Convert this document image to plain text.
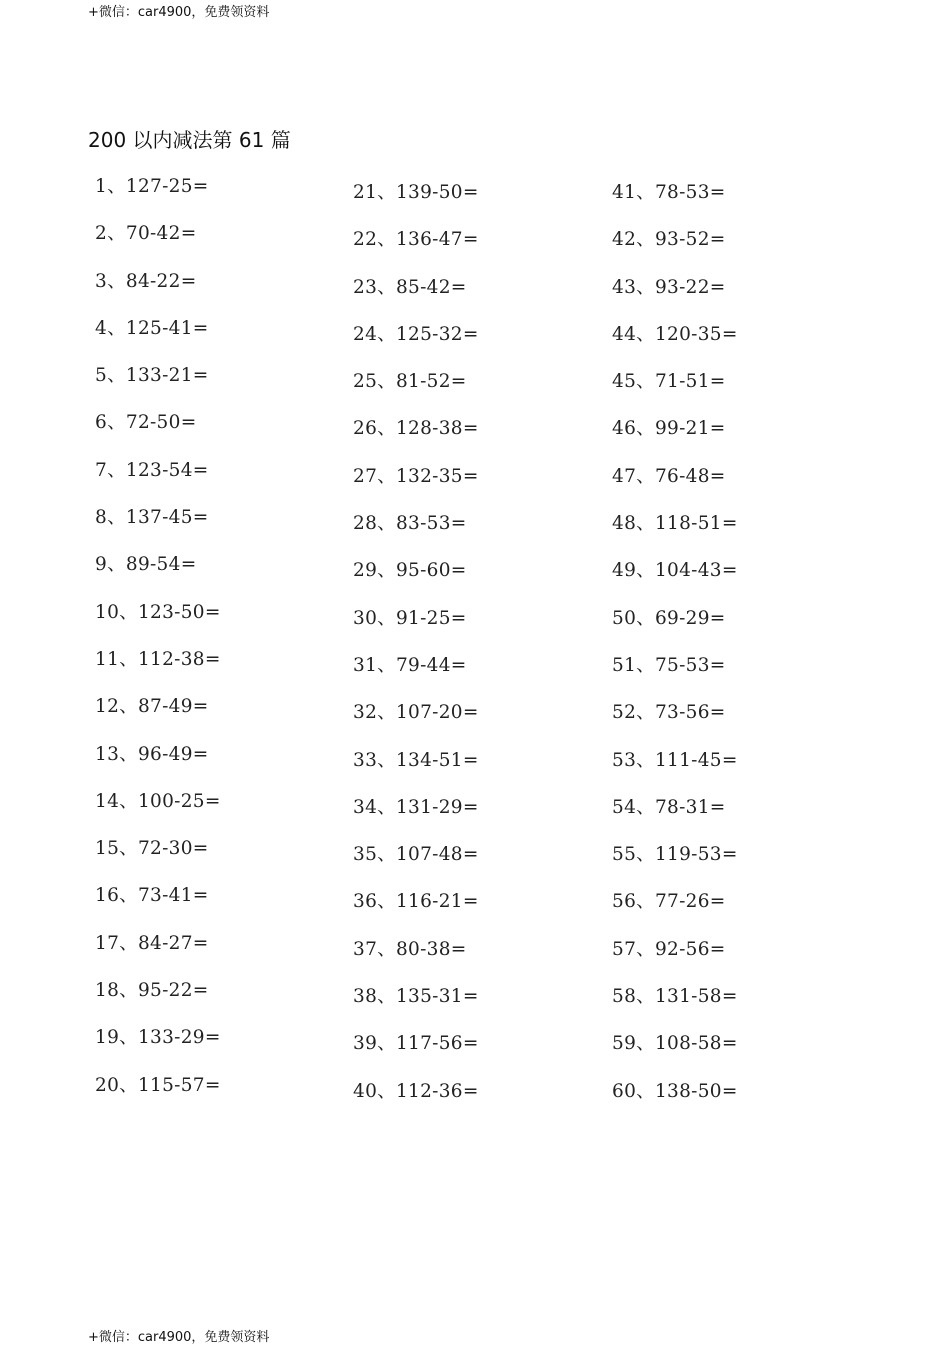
+微信：car4900，免费领资料
200 以内减法第 61 篇
1、127-25=
2、70-42=
3、84-22=
4、125-41=
5、133-21=
6、72-50=
7、123-54=
8、137-45=
9、89-54=
10、123-50=
11、112-38=
12、87-49=
13、96-49=
14、100-25=
15、72-30=
16、73-41=
17、84-27=
18、95-22=
19、133-29=
20、115-57=
21、139-50=
22、136-47=
23、85-42=
24、125-32=
25、81-52=
26、128-38=
27、132-35=
28、83-53=
29、95-60=
30、91-25=
31、79-44=
32、107-20=
33、134-51=
34、131-29=
35、107-48=
36、116-21=
37、80-38=
38、135-31=
39、117-56=
40、112-36=
41、78-53=
42、93-52=
43、93-22=
44、120-35=
45、71-51=
46、99-21=
47、76-48=
48、118-51=
49、104-43=
50、69-29=
51、75-53=
52、73-56=
53、111-45=
54、78-31=
55、119-53=
56、77-26=
57、92-56=
58、131-58=
59、108-58=
60、138-50=
+微信：car4900，免费领资料
